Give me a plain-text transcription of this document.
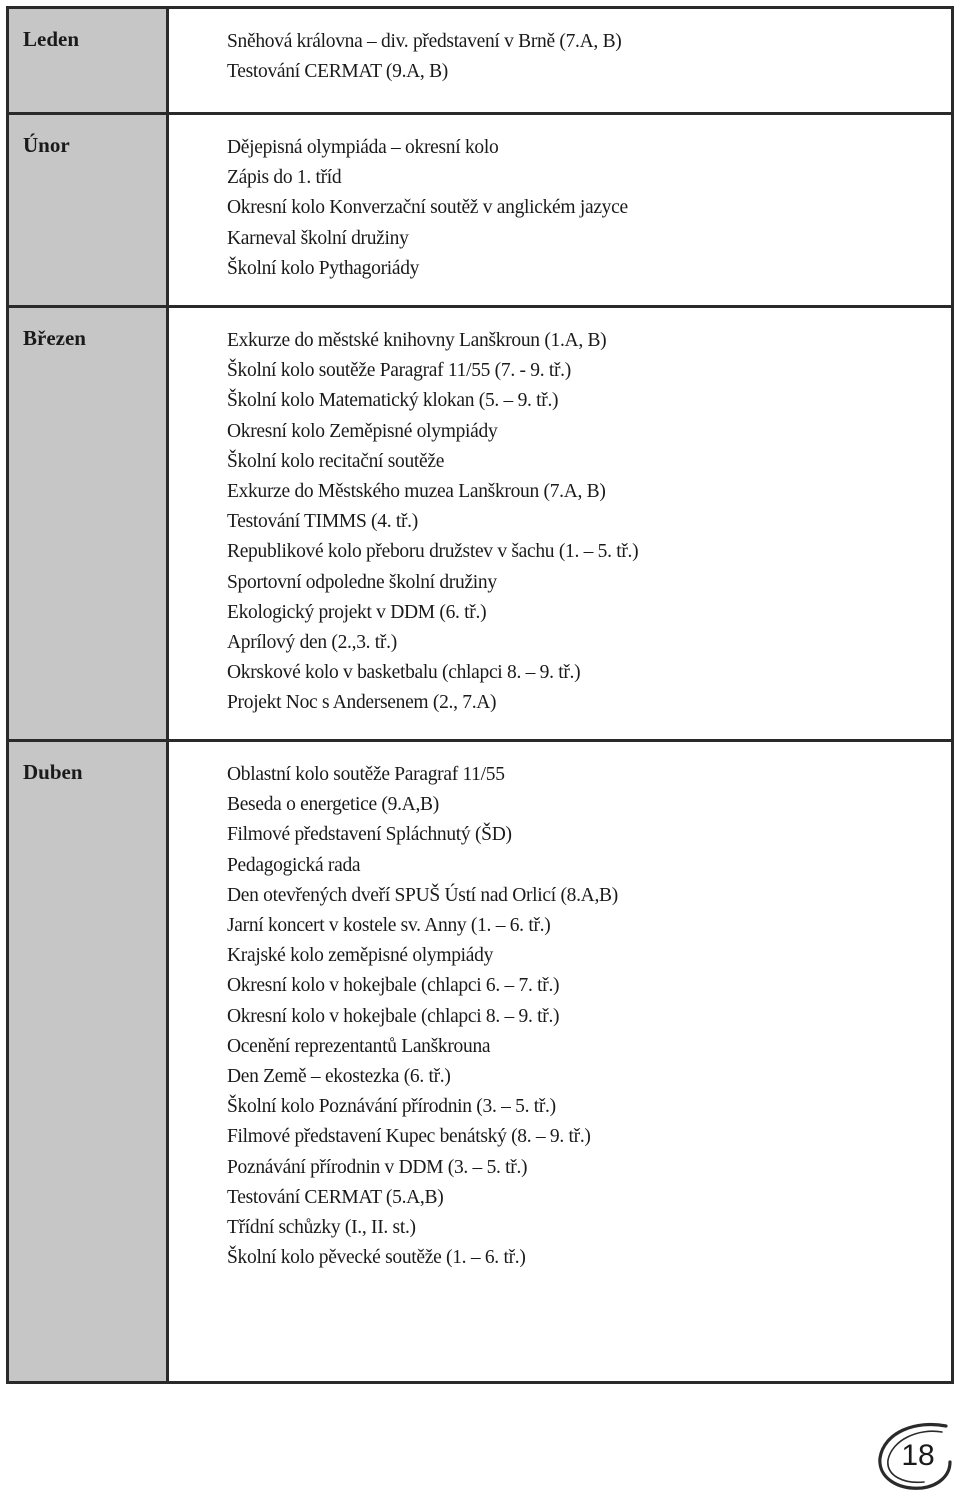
Leden	Sněhová královna – div. představení v Brně (7.A, B)
Testování CERMAT (9.A, B)
Únor	Dějepisná olympiáda – okresní kolo
Zápis do 1. tříd
Okresní kolo Konverzační soutěž v anglickém jazyce
Karneval školní družiny
Školní kolo Pythagoriády
Březen	Exkurze do městské knihovny Lanškroun (1.A, B)
Školní kolo soutěže Paragraf 11/55 (7. - 9. tř.)
Školní kolo Matematický klokan (5. – 9. tř.)
Okresní kolo Zeměpisné olympiády
Školní kolo recitační soutěže
Exkurze do Městského muzea Lanškroun (7.A, B)
Testování TIMMS (4. tř.)
Republikové kolo přeboru družstev v šachu (1. – 5. tř.)
Sportovní odpoledne školní družiny
Ekologický projekt v DDM (6. tř.)
Aprílový den (2.,3. tř.)
Okrskové kolo v basketbalu (chlapci 8. – 9. tř.)
Projekt Noc s Andersenem (2., 7.A)
Duben	Oblastní kolo soutěže Paragraf 11/55
Beseda o energetice (9.A,B)
Filmové představení Spláchnutý (ŠD)
Pedagogická rada
Den otevřených dveří SPUŠ Ústí nad Orlicí (8.A,B)
Jarní koncert v kostele sv. Anny (1. – 6. tř.)
Krajské kolo zeměpisné olympiády
Okresní kolo v hokejbale (chlapci 6. – 7. tř.)
Okresní kolo v hokejbale (chlapci 8. – 9. tř.)
Ocenění reprezentantů Lanškrouna
Den Země – ekostezka (6. tř.)
Školní kolo Poznávání přírodnin (3. – 5. tř.)
Filmové představení Kupec benátský (8. – 9. tř.)
Poznávání přírodnin v DDM (3. – 5. tř.)
Testování CERMAT (5.A,B)
Třídní schůzky (I., II. st.)
Školní kolo pěvecké soutěže (1. – 6. tř.)
18
